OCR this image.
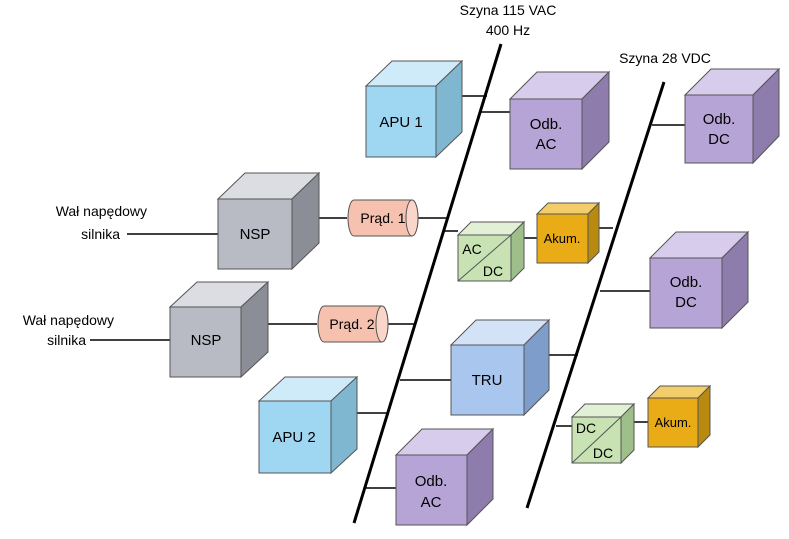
APU 1	Odb.
AC
Odb.
DC
NSP
Prąd. 1
AC
DC
Akum.
Odb.
DC
NSP
Prąd. 2
TRU
APU 2
DC
DC
Akum.
Odb.
AC
Szyna 115 VAC
400 Hz
Szyna 28 VDC
Wał napędowy
silnika
Wał napędowy
silnika
